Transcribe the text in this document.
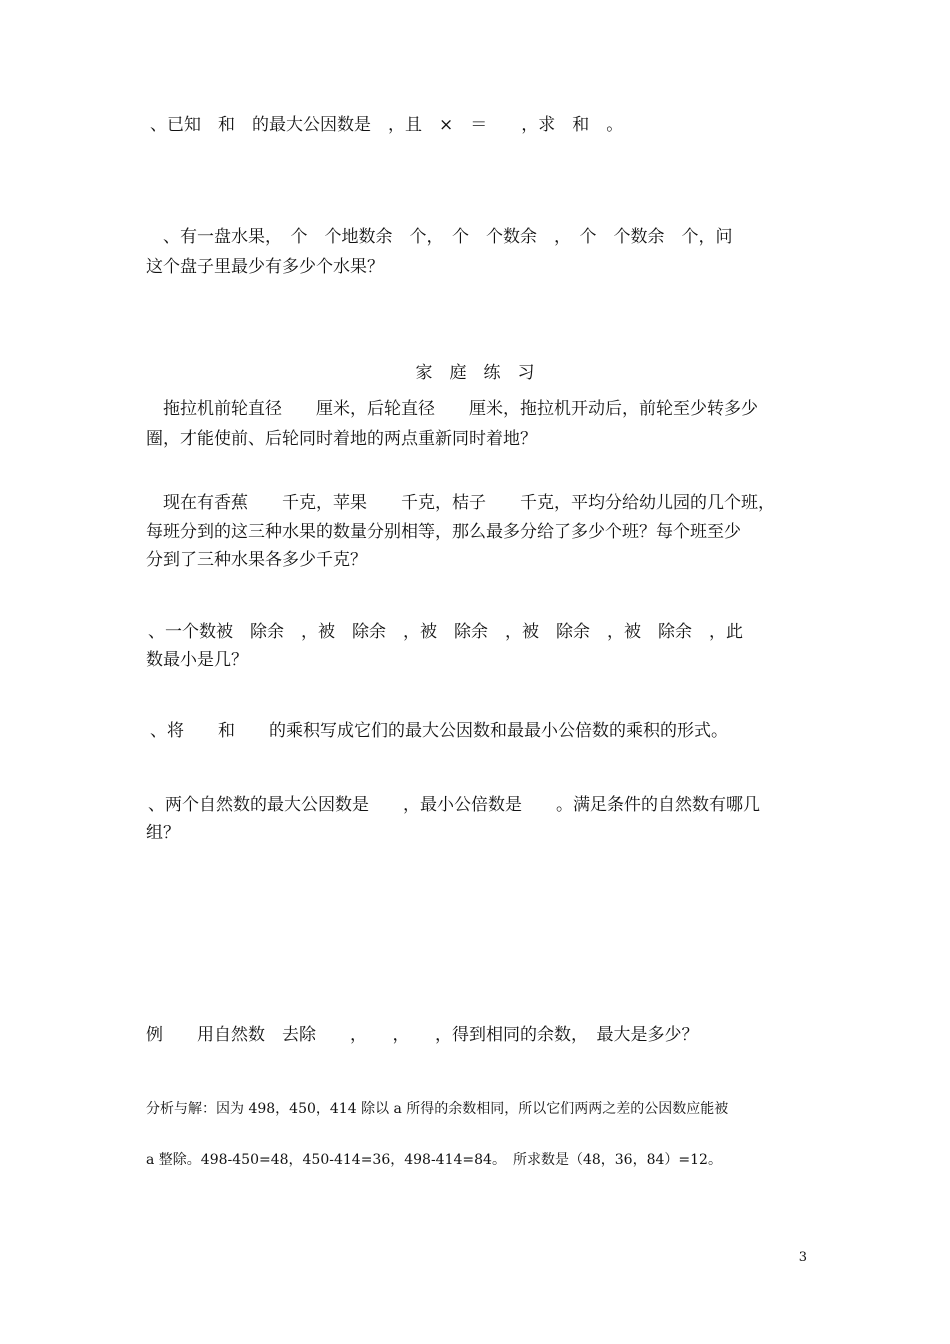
、已知　和　的最大公因数是　，且　×　＝　　，求　和　。
　、有一盘水果，　个　个地数余　个，　个　个数余　，　个　个数余　个，问
这个盘子里最少有多少个水果？
家　庭　练　习
　拖拉机前轮直径　　厘米，后轮直径　　厘米，拖拉机开动后，前轮至少转多少
圈，才能使前、后轮同时着地的两点重新同时着地？
　现在有香蕉　　千克，苹果　　千克，桔子　　千克，平均分给幼儿园的几个班，
每班分到的这三种水果的数量分别相等，那么最多分给了多少个班？每个班至少
分到了三种水果各多少千克？
、一个数被　除余　，被　除余　，被　除余　，被　除余　，被　除余　，此
数最小是几？
、将　　和　　的乘积写成它们的最大公因数和最最小公倍数的乘积的形式。
、两个自然数的最大公因数是　　，最小公倍数是　　。满足条件的自然数有哪几
组？
例　　用自然数　去除　　，　　，　　，得到相同的余数，　最大是多少？
分析与解：因为 498，450，414 除以 a 所得的余数相同，所以它们两两之差的公因数应能被
a 整除。498-450=48，450-414=36，498-414=84。　所求数是（48，36，84）=12。
3
